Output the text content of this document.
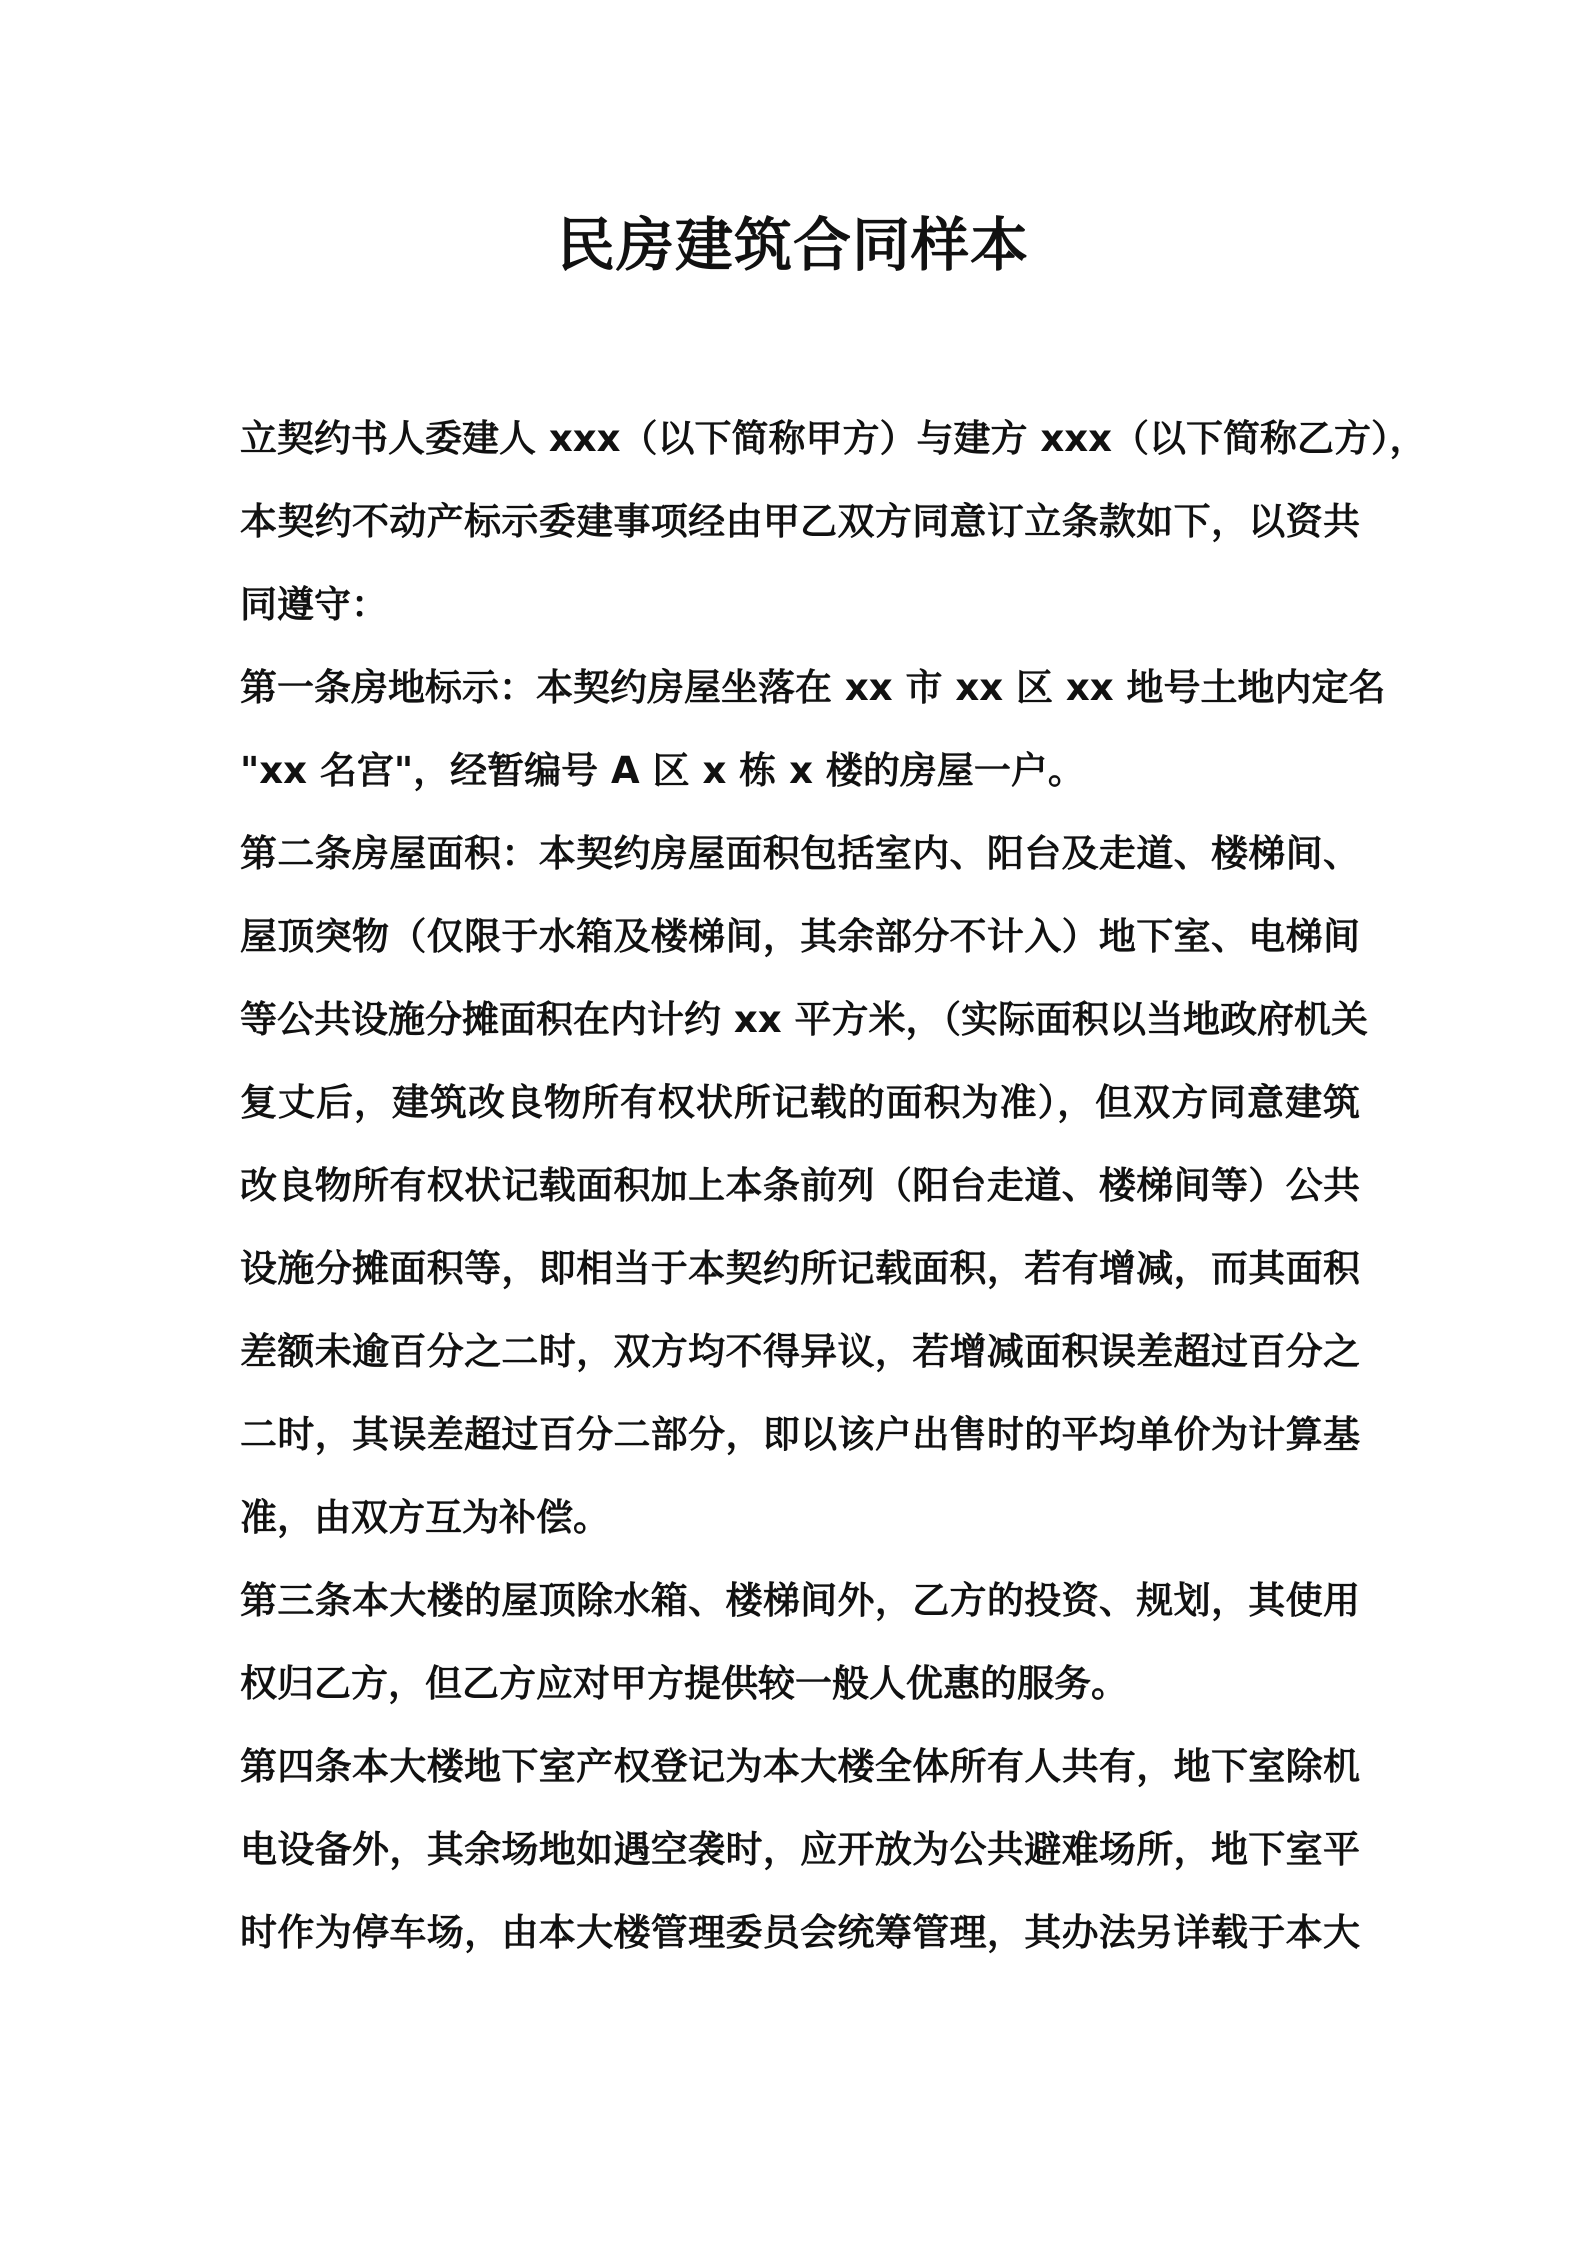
民房建筑合同样本
立契约书人委建人 xxx（以下简称甲方）与建方 xxx（以下简称乙方），
本契约不动产标示委建事项经由甲乙双方同意订立条款如下，以资共
同遵守：
第一条房地标示：本契约房屋坐落在 xx 市 xx 区 xx 地号土地内定名
"xx 名宫"，经暂编号 A 区 x 栋 x 楼的房屋一户。
第二条房屋面积：本契约房屋面积包括室内、阳台及走道、楼梯间、
屋顶突物（仅限于水箱及楼梯间，其余部分不计入）地下室、电梯间
等公共设施分摊面积在内计约 xx 平方米，（实际面积以当地政府机关
复丈后，建筑改良物所有权状所记载的面积为准），但双方同意建筑
改良物所有权状记载面积加上本条前列（阳台走道、楼梯间等）公共
设施分摊面积等，即相当于本契约所记载面积，若有增减，而其面积
差额未逾百分之二时，双方均不得异议，若增减面积误差超过百分之
二时，其误差超过百分二部分，即以该户出售时的平均单价为计算基
准，由双方互为补偿。
第三条本大楼的屋顶除水箱、楼梯间外，乙方的投资、规划，其使用
权归乙方，但乙方应对甲方提供较一般人优惠的服务。
第四条本大楼地下室产权登记为本大楼全体所有人共有，地下室除机
电设备外，其余场地如遇空袭时，应开放为公共避难场所，地下室平
时作为停车场，由本大楼管理委员会统筹管理，其办法另详载于本大
